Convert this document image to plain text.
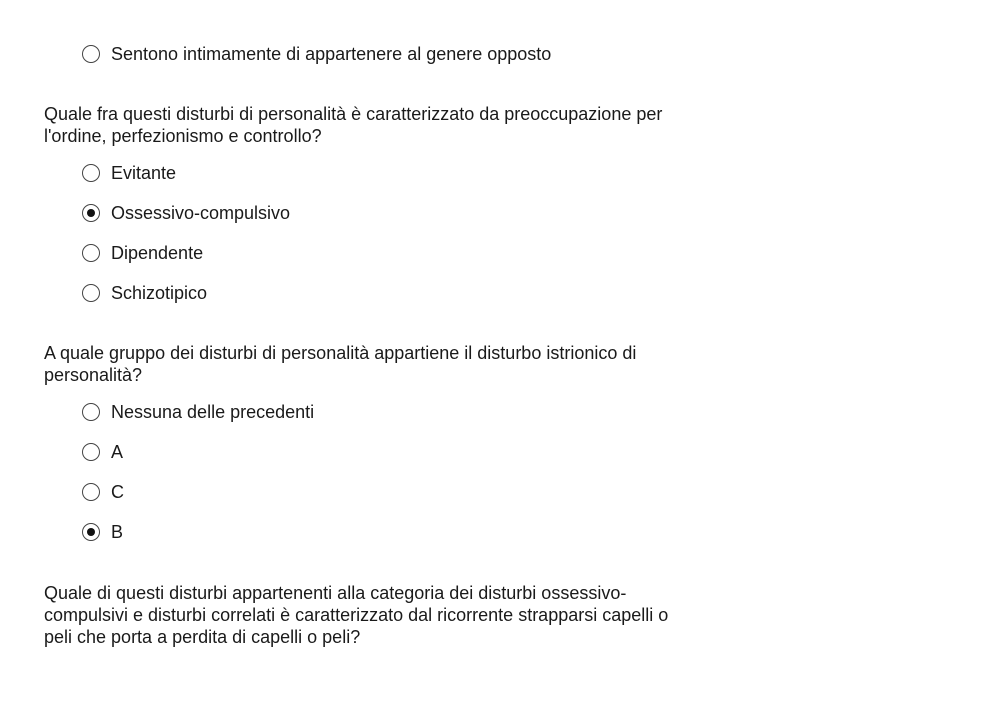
Sentono intimamente di appartenere al genere opposto
Quale fra questi disturbi di personalità è caratterizzato da preoccupazione per
l'ordine, perfezionismo e controllo?
Evitante
Ossessivo-compulsivo
Dipendente
Schizotipico
A quale gruppo dei disturbi di personalità appartiene il disturbo istrionico di
personalità?
Nessuna delle precedenti
A
C
B
Quale di questi disturbi appartenenti alla categoria dei disturbi ossessivo-
compulsivi e disturbi correlati è caratterizzato dal ricorrente strapparsi capelli o
peli che porta a perdita di capelli o peli?
